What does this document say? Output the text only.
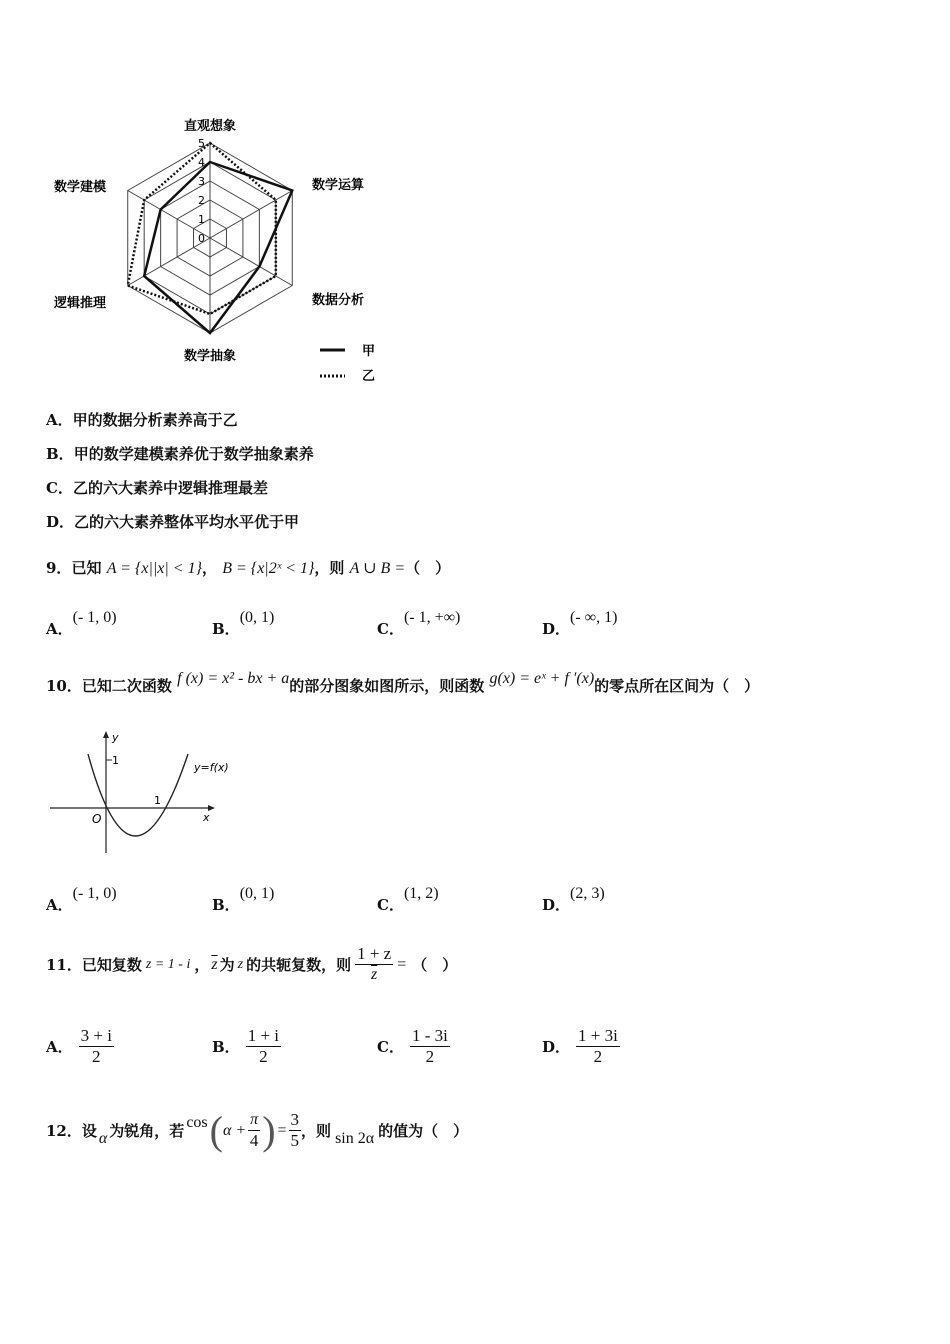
直观想象
数学运算
数据分析
数学抽象
逻辑推理
数学建模
0
1
2
3
4
5
甲
乙
A．甲的数据分析素养高于乙
B．甲的数学建模素养优于数学抽象素养
C．乙的六大素养中逻辑推理最差
D．乙的六大素养整体平均水平优于甲
9．已知 A = {x||x| < 1}， B = {x|2ˣ < 1}，则 A ∪ B =（　）
A．(- 1, 0)
B．(0, 1)
C．(- 1, +∞)
D．(- ∞, 1)
10．已知二次函数 f (x) = x² - bx + a的部分图象如图所示，则函数 g(x) = eˣ + f ′(x)的零点所在区间为（　）
y
x
O
1
1
y=f(x)
A．(- 1, 0)
B．(0, 1)
C．(1, 2)
D．(2, 3)
11． 已知复数 z = 1 - i ， $\overline{z}$ 为 z 的共轭复数，则 $\frac{1 + z}{z}$ = （　）
A． $\frac{3 + i}{2}$	B． $\frac{1 + i}{2}$	C． $\frac{1 - 3i}{2}$	D． $\frac{1 + 3i}{2}$
12． 设 α 为锐角，若 cos ( $\alpha + \frac{\pi}{4}$ ) = $\frac{3}{5}$ ，则 sin 2α 的值为（　）
